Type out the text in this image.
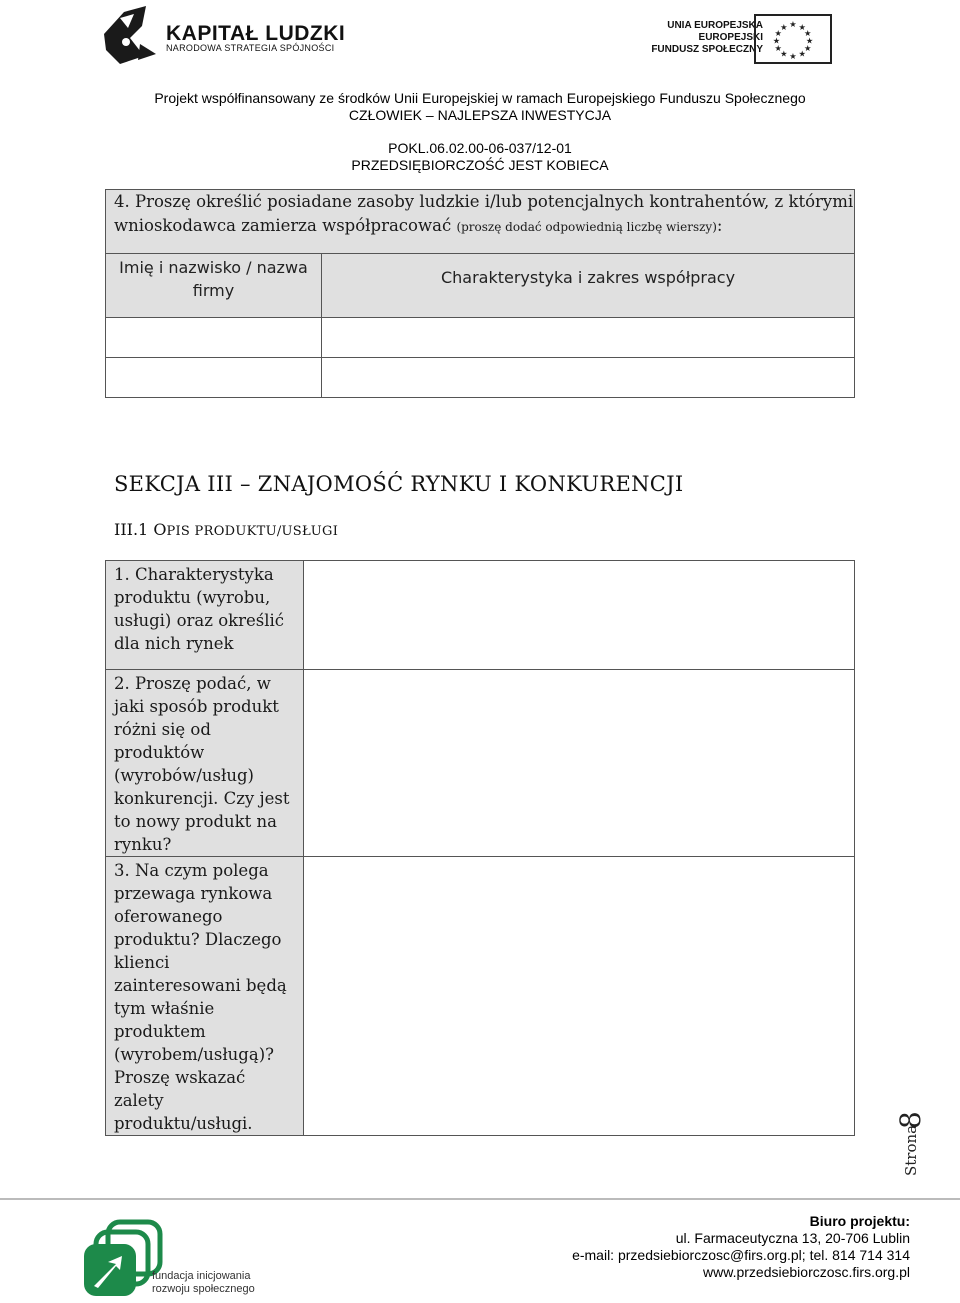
KAPITAŁ LUDZKI
NARODOWA STRATEGIA SPÓJNOŚCI
UNIA EUROPEJSKA
EUROPEJSKI
FUNDUSZ SPOŁECZNY
★ ★
★
★
★
★
★
★
★
★
★
★
Projekt współfinansowany ze środków Unii Europejskiej w ramach Europejskiego Funduszu Społecznego
CZŁOWIEK – NAJLEPSZA INWESTYCJA
POKL.06.02.00-06-037/12-01
PRZEDSIĘBIORCZOŚĆ JEST KOBIECA
4. Proszę określić posiadane zasoby ludzkie i/lub potencjalnych kontrahentów, z którymi wnioskodawca zamierza współpracować (proszę dodać odpowiednią liczbę wierszy):	

Imię i nazwisko / nazwa firmy	Charakterystyka i zakres współpracy

SEKCJA III – ZNAJOMOŚĆ RYNKU I KONKURENCJI
III.1 OPIS PRODUKTU/USŁUGI
1. Charakterystyka produktu (wyrobu, usługi) oraz określić dla nich rynek	
2. Proszę podać, w jaki sposób produkt różni się od produktów (wyrobów/usług) konkurencji. Czy jest to nowy produkt na rynku?	
3. Na czym polega przewaga rynkowa oferowanego produktu? Dlaczego klienci zainteresowani będą tym właśnie produktem (wyrobem/usługą)? Proszę wskazać zalety produktu/usługi.	
Strona
8
fundacja inicjowania
rozwoju społecznego
Biuro projektu:
ul. Farmaceutyczna 13, 20-706 Lublin
e-mail: przedsiebiorczosc@firs.org.pl; tel. 814 714 314
www.przedsiebiorczosc.firs.org.pl
